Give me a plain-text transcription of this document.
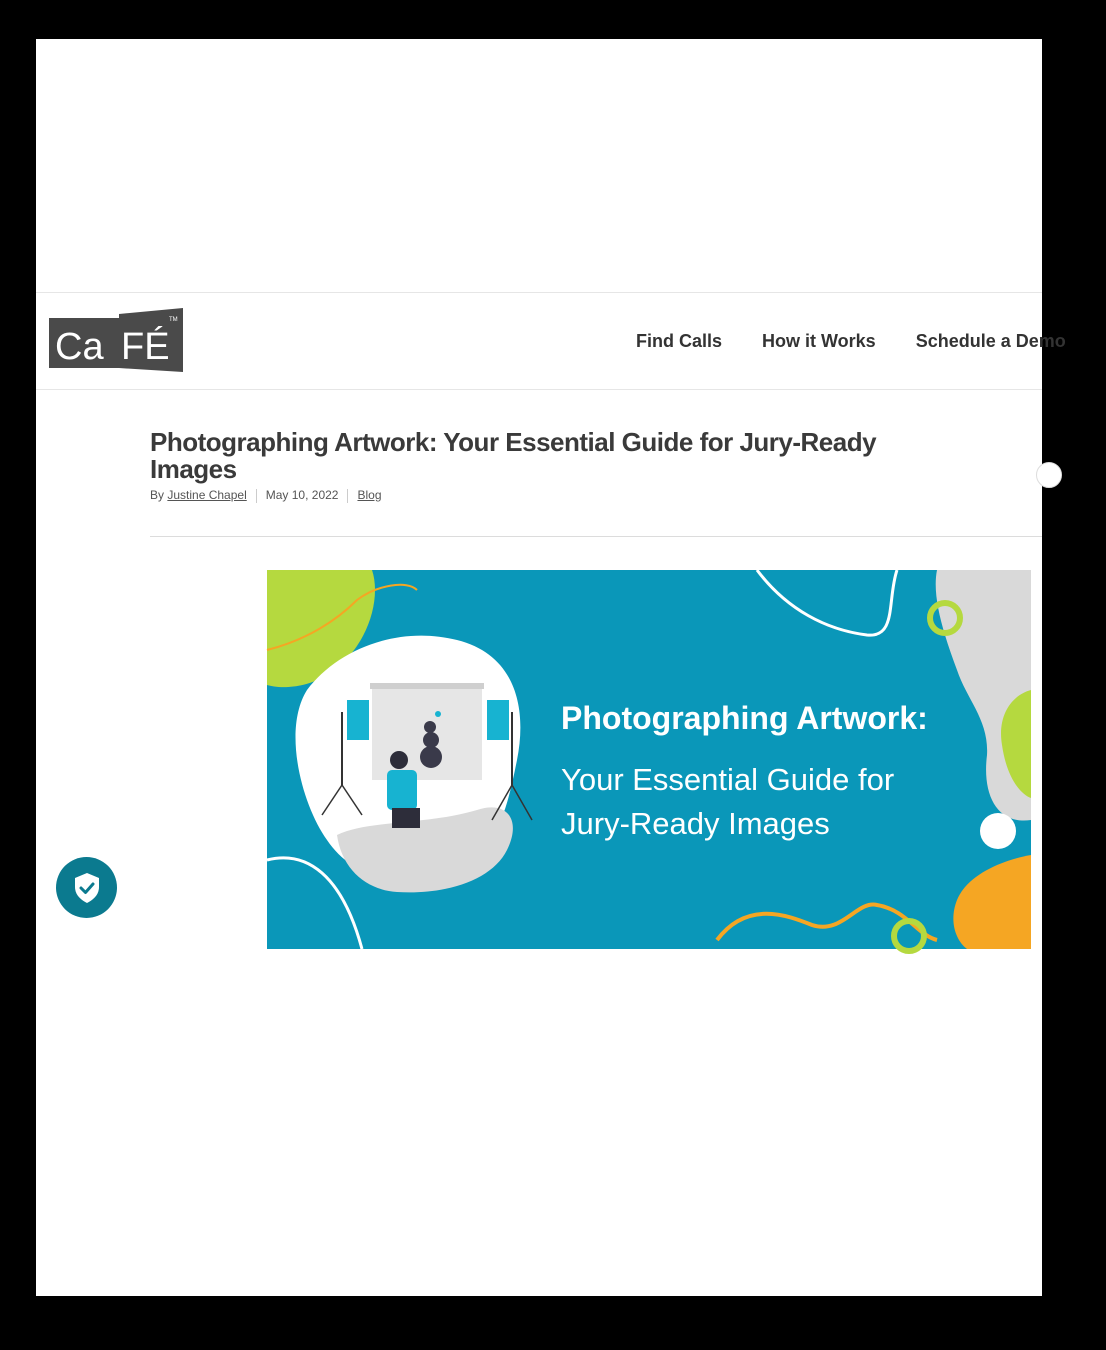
Ca FÉ
TM
Find Calls How it Works Schedule a Demo
Photographing Artwork: Your Essential Guide for Jury-Ready Images
By Justine Chapel May 10, 2022 Blog
Photographing Artwork:
Your Essential Guide for
Jury-Ready Images
